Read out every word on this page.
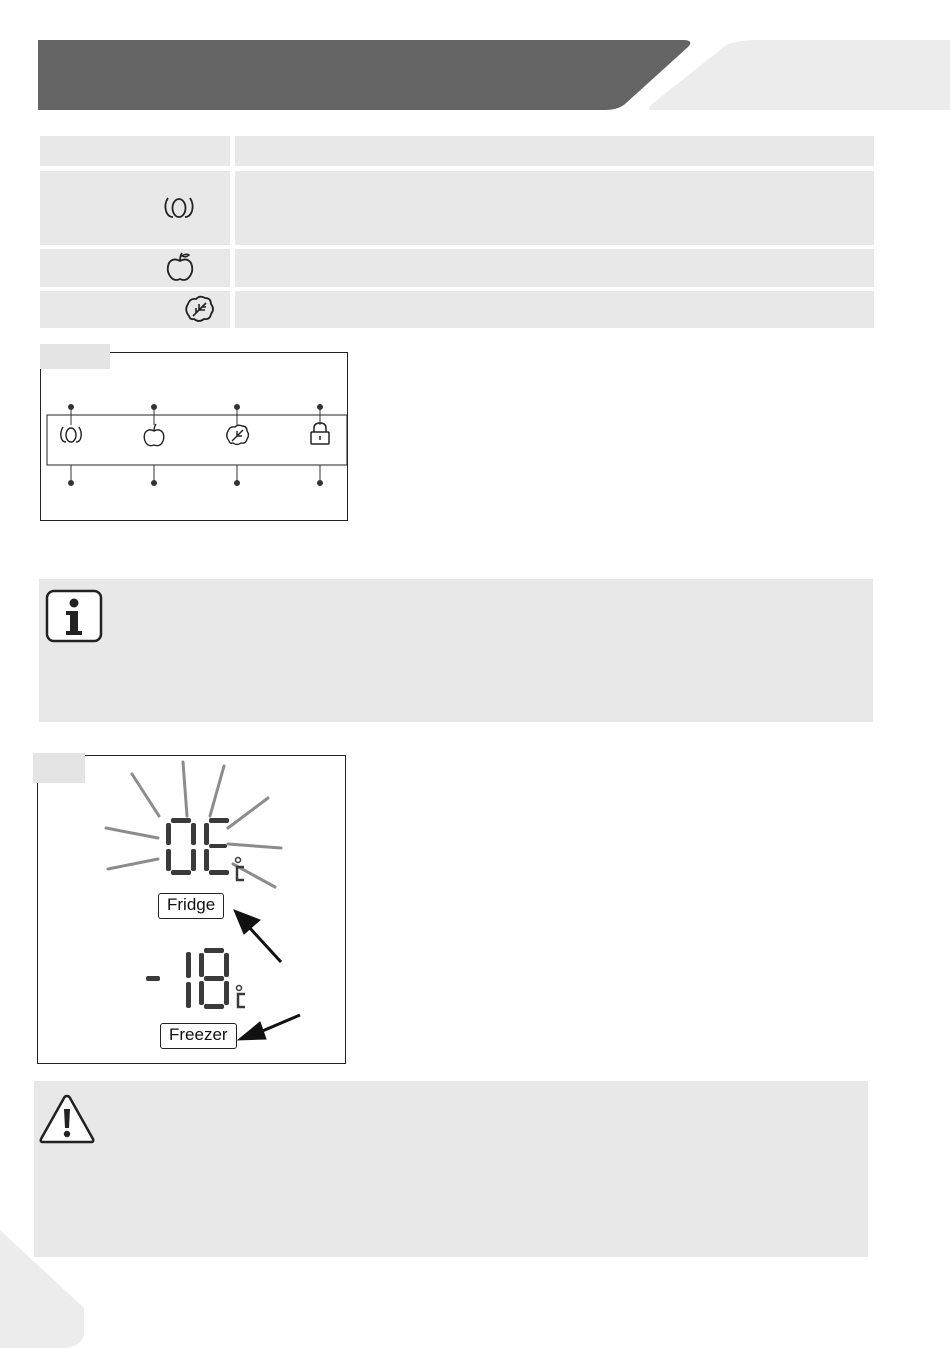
Fridge
Freezer
